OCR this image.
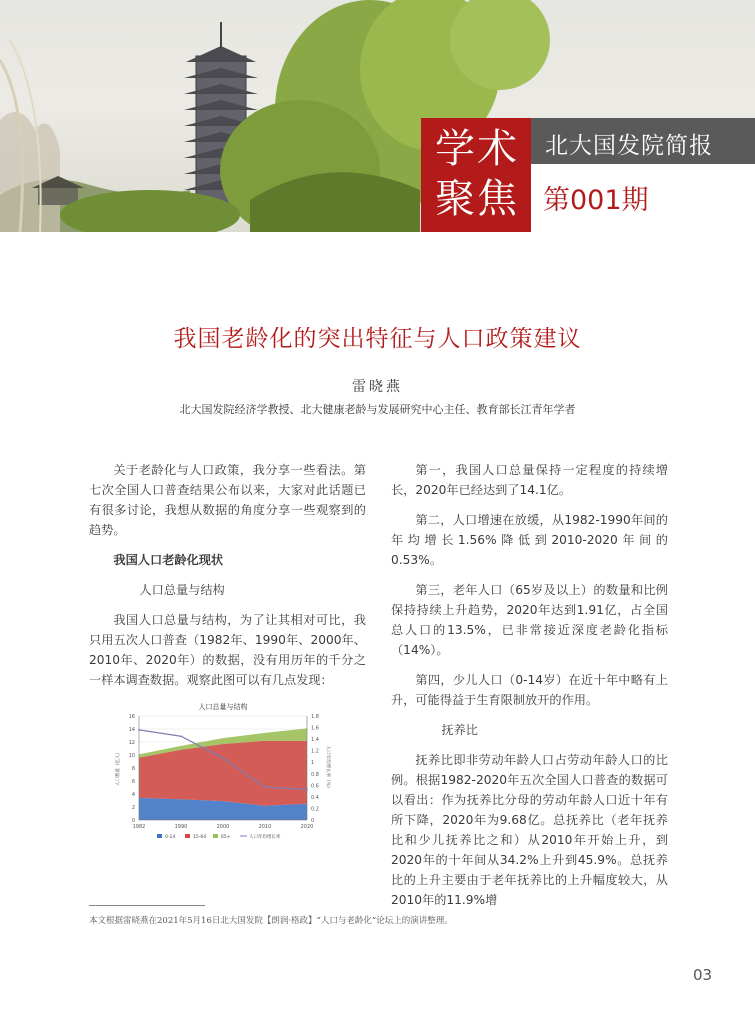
学术
聚焦
北大国发院简报
第001期
我国老龄化的突出特征与人口政策建议
雷晓燕
北大国发院经济学教授、北大健康老龄与发展研究中心主任、教育部长江青年学者

关于老龄化与人口政策，我分享一些看法。第七次全国人口普查结果公布以来，大家对此话题已有很多讨论，我想从数据的角度分享一些观察到的趋势。

我国人口老龄化现状

人口总量与结构

我国人口总量与结构，为了让其相对可比，我只用五次人口普查（1982年、1990年、2000年、2010年、2020年）的数据，没有用历年的千分之一样本调查数据。观察此图可以有几点发现：

人口总量与结构
0
2
4
6
8
10
12
14
16
0
0.2
0.4
0.6
0.8
1
1.2
1.4
1.6
1.8
1982	1990	2000	2010	2020
人口数量（亿人）	人口年均增长率（%）
0-14	15-64	65+	人口年均增长率

第一，我国人口总量保持一定程度的持续增长，2020年已经达到了14.1亿。

第二，人口增速在放缓，从1982-1990年间的年均增长1.56%降低到2010-2020年间的0.53%。

第三，老年人口（65岁及以上）的数量和比例保持持续上升趋势，2020年达到1.91亿，占全国总人口的13.5%，已非常接近深度老龄化指标（14%）。

第四，少儿人口（0-14岁）在近十年中略有上升，可能得益于生育限制放开的作用。

抚养比

抚养比即非劳动年龄人口占劳动年龄人口的比例。根据1982-2020年五次全国人口普查的数据可以看出：作为抚养比分母的劳动年龄人口近十年有所下降，2020年为9.68亿。总抚养比（老年抚养比和少儿抚养比之和）从2010年开始上升，到2020年的十年间从34.2%上升到45.9%。总抚养比的上升主要由于老年抚养比的上升幅度较大，从2010年的11.9%增

本文根据雷晓燕在2021年5月16日北大国发院【朗润·格政】“人口与老龄化”论坛上的演讲整理。
03
